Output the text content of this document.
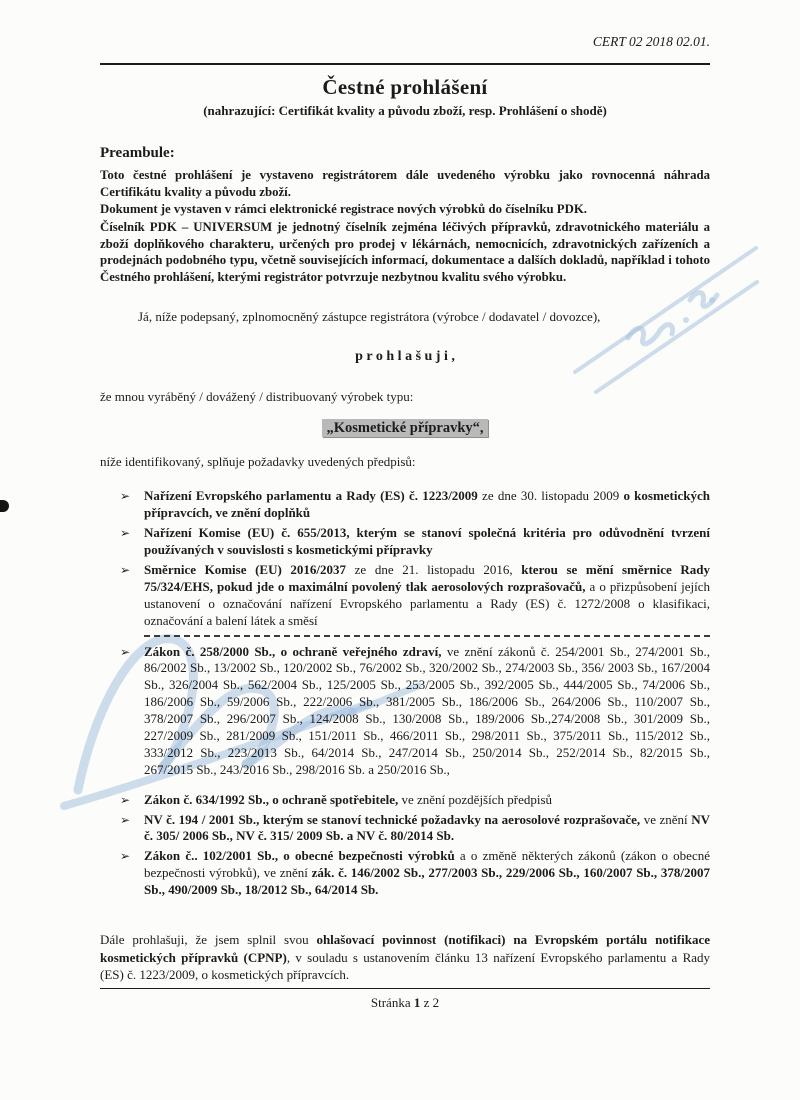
CERT 02 2018 02.01.
Čestné prohlášení
(nahrazující: Certifikát kvality a původu zboží, resp. Prohlášení o shodě)
Preambule:

Toto čestné prohlášení je vystaveno registrátorem dále uvedeného výrobku jako rovnocenná náhrada Certifikátu kvality a původu zboží.

Dokument je vystaven v rámci elektronické registrace nových výrobků do číselníku PDK.

Číselník PDK – UNIVERSUM je jednotný číselník zejména léčivých přípravků, zdravotnického materiálu a zboží doplňkového charakteru, určených pro prodej v lékárnách, nemocnicích, zdravotnických zařízeních a prodejnách podobného typu, včetně souvisejících informací, dokumentace a dalších dokladů, například i tohoto Čestného prohlášení, kterými registrátor potvrzuje nezbytnou kvalitu svého výrobku.

Já, níže podepsaný, zplnomocněný zástupce registrátora (výrobce / dodavatel / dovozce),

p r o h l a š u j i ,

že mnou vyráběný / dovážený / distribuovaný výrobek typu:

„Kosmetické přípravky“,

níže identifikovaný, splňuje požadavky uvedených předpisů:

➢ Nařízení Evropského parlamentu a Rady (ES) č. 1223/2009 ze dne 30. listopadu 2009 o kosmetických přípravcích, ve znění doplňků
➢ Nařízení Komise (EU) č. 655/2013, kterým se stanoví společná kritéria pro odůvodnění tvrzení používaných v souvislosti s kosmetickými přípravky
➢ Směrnice Komise (EU) 2016/2037 ze dne 21. listopadu 2016, kterou se mění směrnice Rady 75/324/EHS, pokud jde o maximální povolený tlak aerosolových rozprašovačů, a o přizpůsobení jejích ustanovení o označování nařízení Evropského parlamentu a Rady (ES) č. 1272/2008 o klasifikaci, označování a balení látek a směsí
➢ Zákon č. 258/2000 Sb., o ochraně veřejného zdraví, ve znění zákonů č. 254/2001 Sb., 274/2001 Sb., 86/2002 Sb., 13/2002 Sb., 120/2002 Sb., 76/2002 Sb., 320/2002 Sb., 274/2003 Sb., 356/ 2003 Sb., 167/2004 Sb., 326/2004 Sb., 562/2004 Sb., 125/2005 Sb., 253/2005 Sb., 392/2005 Sb., 444/2005 Sb., 74/2006 Sb., 186/2006 Sb., 59/2006 Sb., 222/2006 Sb., 381/2005 Sb., 186/2006 Sb., 264/2006 Sb., 110/2007 Sb., 378/2007 Sb., 296/2007 Sb., 124/2008 Sb., 130/2008 Sb., 189/2006 Sb.,274/2008 Sb., 301/2009 Sb., 227/2009 Sb., 281/2009 Sb., 151/2011 Sb., 466/2011 Sb., 298/2011 Sb., 375/2011 Sb., 115/2012 Sb., 333/2012 Sb., 223/2013 Sb., 64/2014 Sb., 247/2014 Sb., 250/2014 Sb., 252/2014 Sb., 82/2015 Sb., 267/2015 Sb., 243/2016 Sb., 298/2016 Sb. a 250/2016 Sb.,
➢ Zákon č. 634/1992 Sb., o ochraně spotřebitele, ve znění pozdějších předpisů
➢ NV č. 194 / 2001 Sb., kterým se stanoví technické požadavky na aerosolové rozprašovače, ve znění NV č. 305/ 2006 Sb., NV č. 315/ 2009 Sb. a NV č. 80/2014 Sb.
➢ Zákon č.. 102/2001 Sb., o obecné bezpečnosti výrobků a o změně některých zákonů (zákon o obecné bezpečnosti výrobků), ve znění zák. č. 146/2002 Sb., 277/2003 Sb., 229/2006 Sb., 160/2007 Sb., 378/2007 Sb., 490/2009 Sb., 18/2012 Sb., 64/2014 Sb.

Dále prohlašuji, že jsem splnil svou ohlašovací povinnost (notifikaci) na Evropském portálu notifikace kosmetických přípravků (CPNP), v souladu s ustanovením článku 13 nařízení Evropského parlamentu a Rady (ES) č. 1223/2009, o kosmetických přípravcích.

Stránka 1 z 2
